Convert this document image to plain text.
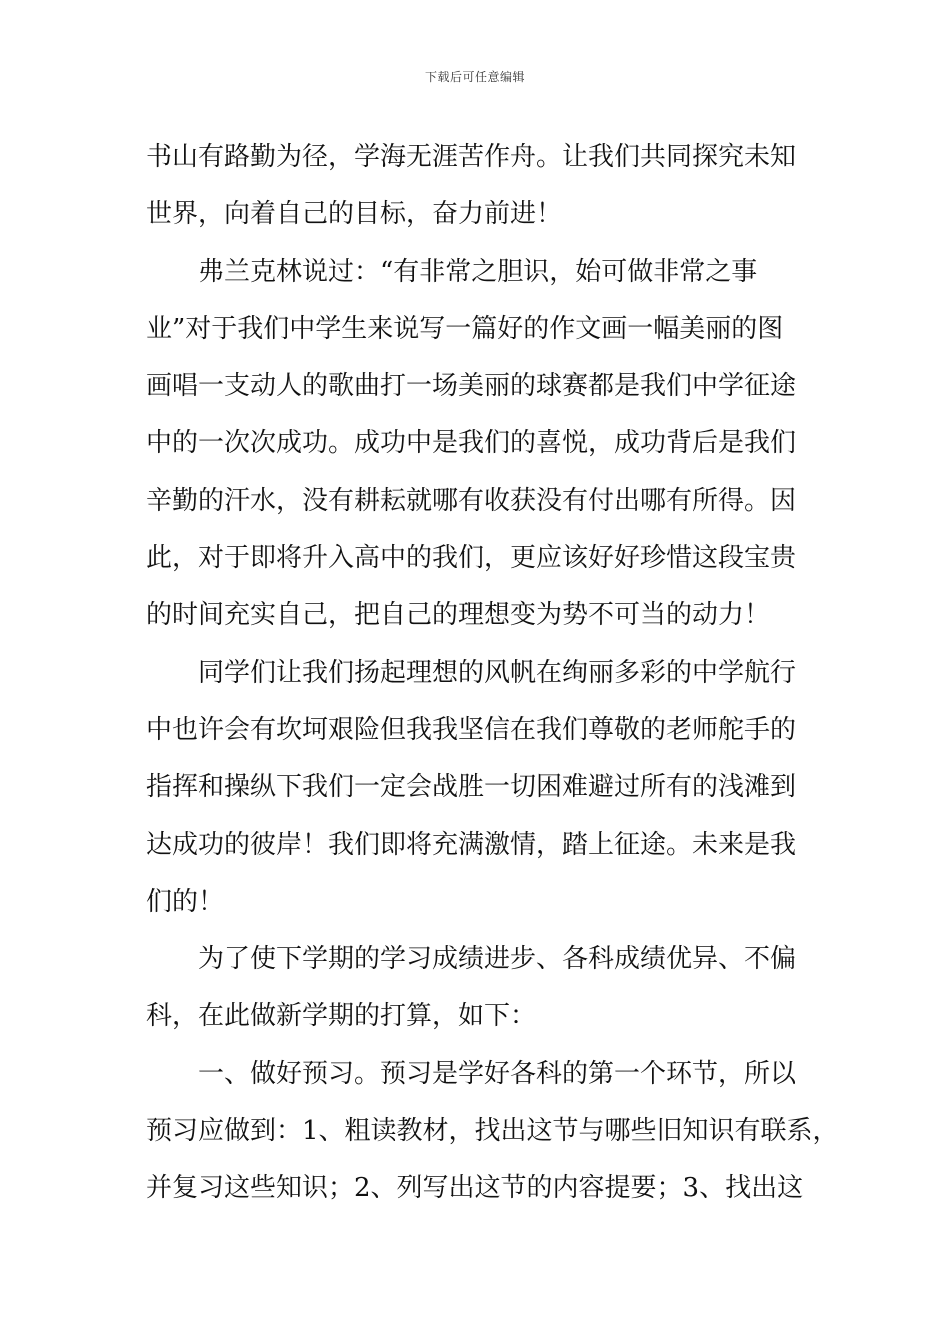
下载后可任意编辑
书山有路勤为径，学海无涯苦作舟。让我们共同探究未知
世界，向着自己的目标，奋力前进！
弗兰克林说过：“有非常之胆识，始可做非常之事
业”对于我们中学生来说写一篇好的作文画一幅美丽的图
画唱一支动人的歌曲打一场美丽的球赛都是我们中学征途
中的一次次成功。成功中是我们的喜悦，成功背后是我们
辛勤的汗水，没有耕耘就哪有收获没有付出哪有所得。因
此，对于即将升入高中的我们，更应该好好珍惜这段宝贵
的时间充实自己，把自己的理想变为势不可当的动力！
同学们让我们扬起理想的风帆在绚丽多彩的中学航行
中也许会有坎坷艰险但我我坚信在我们尊敬的老师舵手的
指挥和操纵下我们一定会战胜一切困难避过所有的浅滩到
达成功的彼岸！我们即将充满激情，踏上征途。未来是我
们的！
为了使下学期的学习成绩进步、各科成绩优异、不偏
科，在此做新学期的打算，如下：
一、做好预习。预习是学好各科的第一个环节，所以
预习应做到：1、粗读教材，找出这节与哪些旧知识有联系，
并复习这些知识；2、列写出这节的内容提要；3、找出这
